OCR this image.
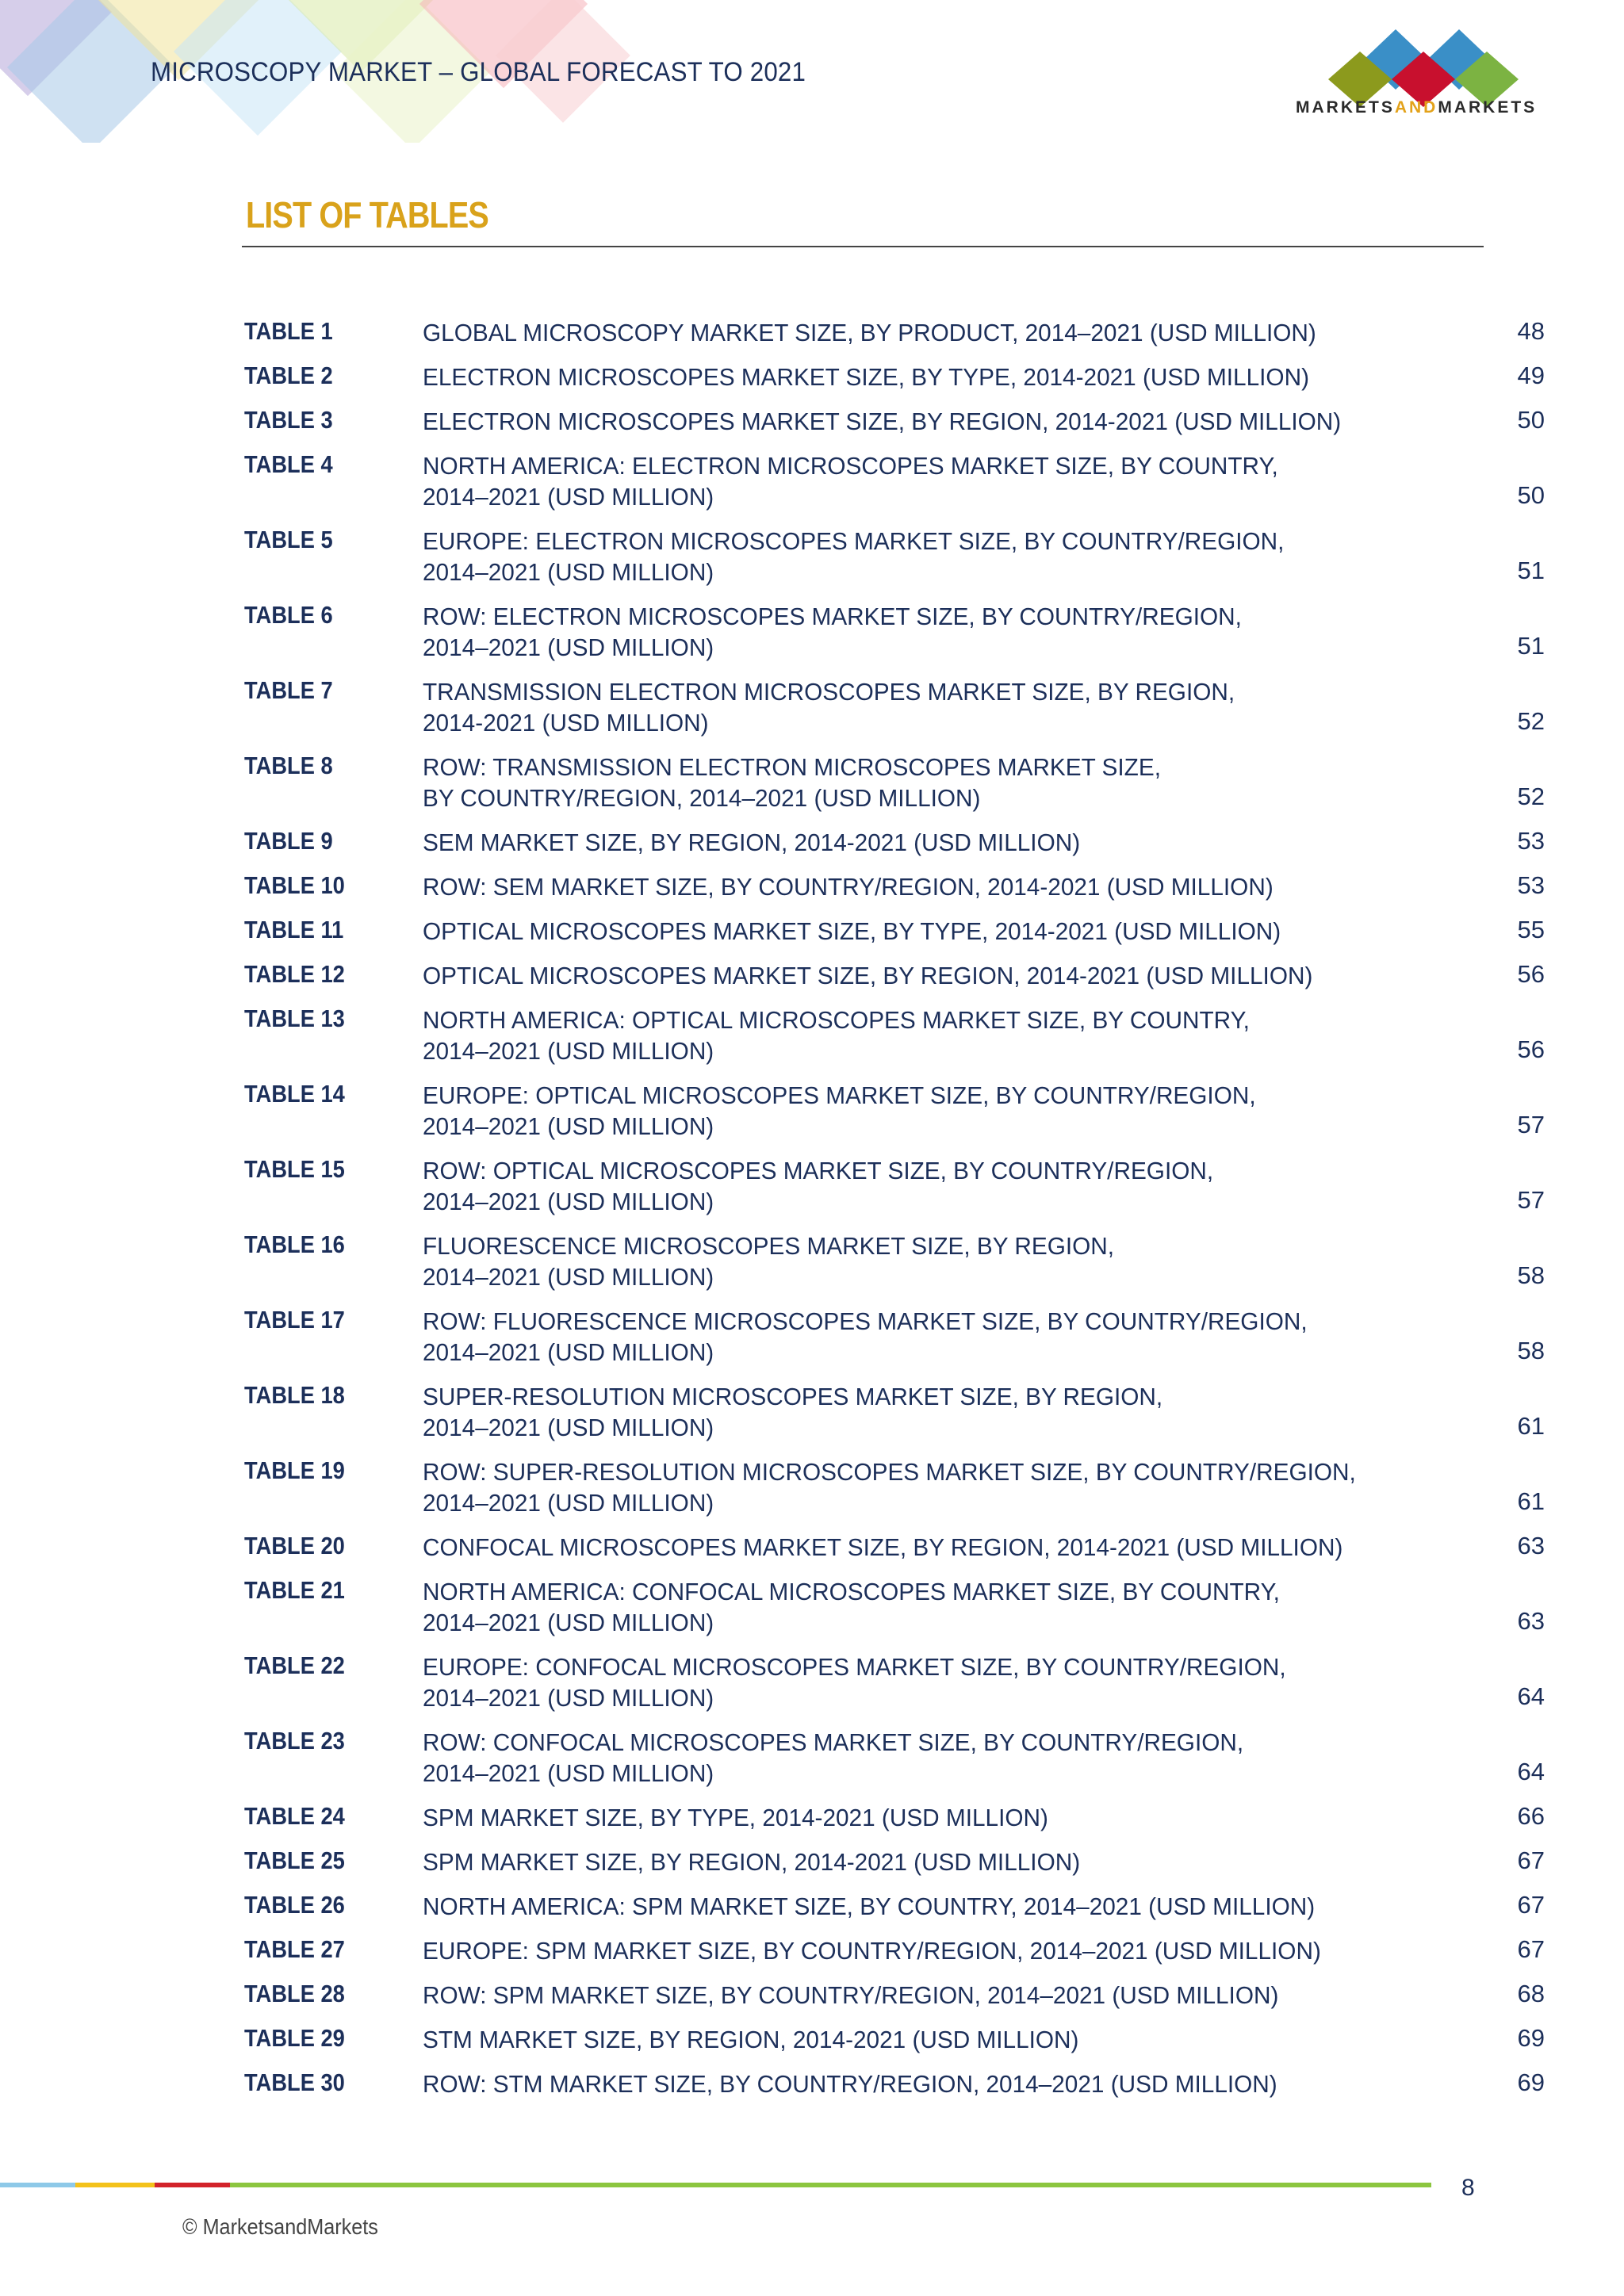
MICROSCOPY MARKET – GLOBAL FORECAST TO 2021
MARKETSANDMARKETS
LIST OF TABLES
TABLE 1	GLOBAL MICROSCOPY MARKET SIZE, BY PRODUCT, 2014–2021 (USD MILLION)	48
TABLE 2	ELECTRON MICROSCOPES MARKET SIZE, BY TYPE, 2014-2021 (USD MILLION)	49
TABLE 3	ELECTRON MICROSCOPES MARKET SIZE, BY REGION, 2014-2021 (USD MILLION)	50
TABLE 4	NORTH AMERICA: ELECTRON MICROSCOPES MARKET SIZE, BY COUNTRY,
2014–2021 (USD MILLION)	50
TABLE 5	EUROPE: ELECTRON MICROSCOPES MARKET SIZE, BY COUNTRY/REGION,
2014–2021 (USD MILLION)	51
TABLE 6	ROW: ELECTRON MICROSCOPES MARKET SIZE, BY COUNTRY/REGION,
2014–2021 (USD MILLION)	51
TABLE 7	TRANSMISSION ELECTRON MICROSCOPES MARKET SIZE, BY REGION,
2014-2021 (USD MILLION)	52
TABLE 8	ROW: TRANSMISSION ELECTRON MICROSCOPES MARKET SIZE,
BY COUNTRY/REGION, 2014–2021 (USD MILLION)	52
TABLE 9	SEM MARKET SIZE, BY REGION, 2014-2021 (USD MILLION)	53
TABLE 10	ROW: SEM MARKET SIZE, BY COUNTRY/REGION, 2014-2021 (USD MILLION)	53
TABLE 11	OPTICAL MICROSCOPES MARKET SIZE, BY TYPE, 2014-2021 (USD MILLION)	55
TABLE 12	OPTICAL MICROSCOPES MARKET SIZE, BY REGION, 2014-2021 (USD MILLION)	56
TABLE 13	NORTH AMERICA: OPTICAL MICROSCOPES MARKET SIZE, BY COUNTRY,
2014–2021 (USD MILLION)	56
TABLE 14	EUROPE: OPTICAL MICROSCOPES MARKET SIZE, BY COUNTRY/REGION,
2014–2021 (USD MILLION)	57
TABLE 15	ROW: OPTICAL MICROSCOPES MARKET SIZE, BY COUNTRY/REGION,
2014–2021 (USD MILLION)	57
TABLE 16	FLUORESCENCE MICROSCOPES MARKET SIZE, BY REGION,
2014–2021 (USD MILLION)	58
TABLE 17	ROW: FLUORESCENCE MICROSCOPES MARKET SIZE, BY COUNTRY/REGION,
2014–2021 (USD MILLION)	58
TABLE 18	SUPER-RESOLUTION MICROSCOPES MARKET SIZE, BY REGION,
2014–2021 (USD MILLION)	61
TABLE 19	ROW: SUPER-RESOLUTION MICROSCOPES MARKET SIZE, BY COUNTRY/REGION,
2014–2021 (USD MILLION)	61
TABLE 20	CONFOCAL MICROSCOPES MARKET SIZE, BY REGION, 2014-2021 (USD MILLION)	63
TABLE 21	NORTH AMERICA: CONFOCAL MICROSCOPES MARKET SIZE, BY COUNTRY,
2014–2021 (USD MILLION)	63
TABLE 22	EUROPE: CONFOCAL MICROSCOPES MARKET SIZE, BY COUNTRY/REGION,
2014–2021 (USD MILLION)	64
TABLE 23	ROW: CONFOCAL MICROSCOPES MARKET SIZE, BY COUNTRY/REGION,
2014–2021 (USD MILLION)	64
TABLE 24	SPM MARKET SIZE, BY TYPE, 2014-2021 (USD MILLION)	66
TABLE 25	SPM MARKET SIZE, BY REGION, 2014-2021 (USD MILLION)	67
TABLE 26	NORTH AMERICA: SPM MARKET SIZE, BY COUNTRY, 2014–2021 (USD MILLION)	67
TABLE 27	EUROPE: SPM MARKET SIZE, BY COUNTRY/REGION, 2014–2021 (USD MILLION)	67
TABLE 28	ROW: SPM MARKET SIZE, BY COUNTRY/REGION, 2014–2021 (USD MILLION)	68
TABLE 29	STM MARKET SIZE, BY REGION, 2014-2021 (USD MILLION)	69
TABLE 30	ROW: STM MARKET SIZE, BY COUNTRY/REGION, 2014–2021 (USD MILLION)	69
8
© MarketsandMarkets
